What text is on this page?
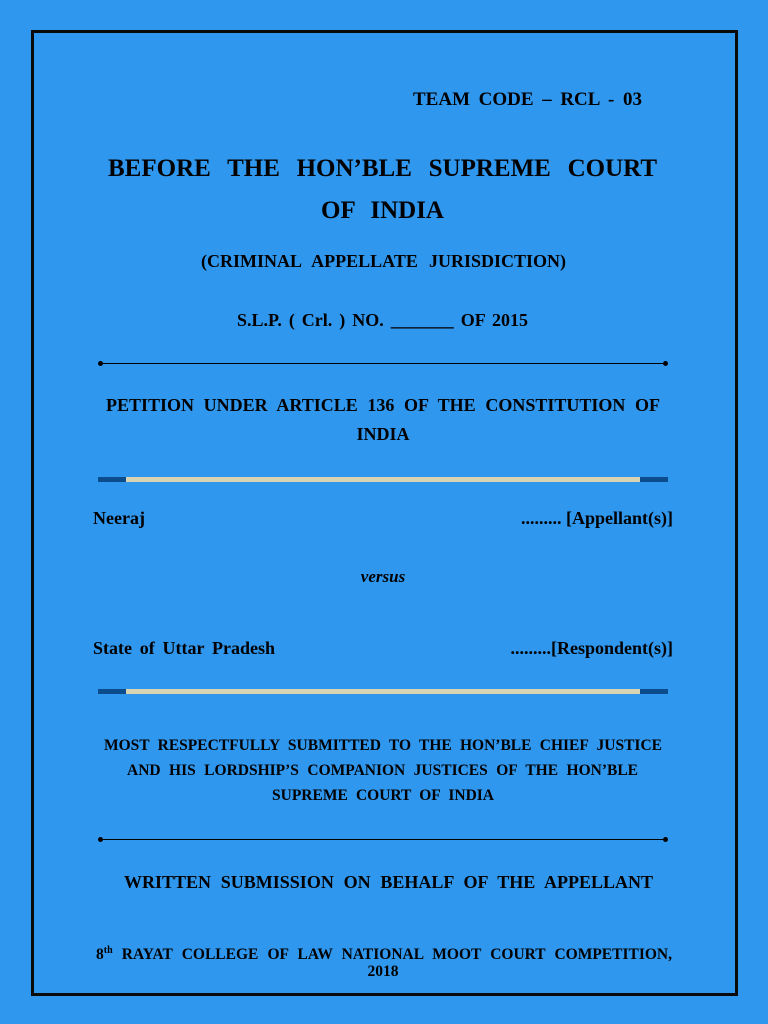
TEAM CODE – RCL - 03

BEFORE THE HON’BLE SUPREME COURT
OF INDIA

(CRIMINAL APPELLATE JURISDICTION)

S.L.P. ( Crl. ) NO. _______ OF 2015

PETITION UNDER ARTICLE 136 OF THE CONSTITUTION OF

INDIA

Neeraj	......... [Appellant(s)]

versus

State of Uttar Pradesh	.........[Respondent(s)]

MOST RESPECTFULLY SUBMITTED TO THE HON’BLE CHIEF JUSTICE

AND HIS LORDSHIP’S COMPANION JUSTICES OF THE HON’BLE

SUPREME COURT OF INDIA

WRITTEN SUBMISSION ON BEHALF OF THE APPELLANT

8th RAYAT COLLEGE OF LAW NATIONAL MOOT COURT COMPETITION,

2018
